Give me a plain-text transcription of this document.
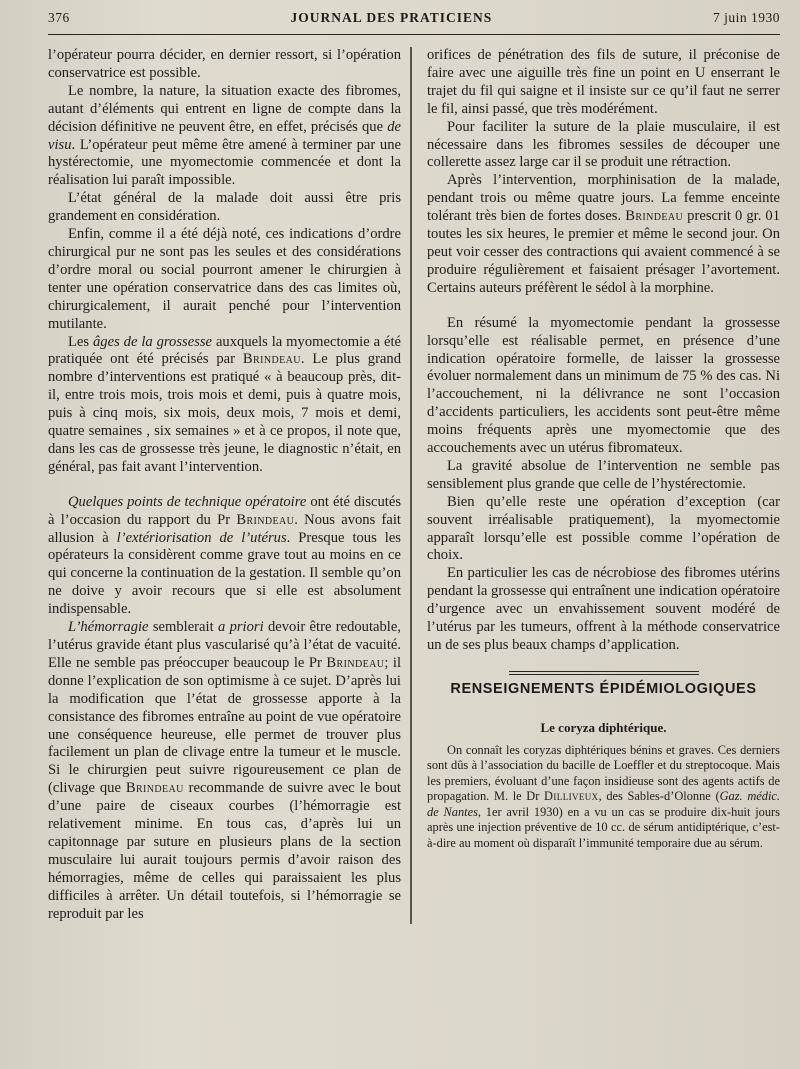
376	JOURNAL DES PRATICIENS	7 juin 1930

l’opérateur pourra décider, en dernier ressort, si l’opération conservatrice est possible.

Le nombre, la nature, la situation exacte des fibromes, autant d’éléments qui entrent en ligne de compte dans la décision définitive ne peuvent être, en effet, précisés que de visu. L’opérateur peut même être amené à terminer par une hystérectomie, une myomectomie commencée et dont la réalisation lui paraît impossible.

L’état général de la malade doit aussi être pris grandement en considération.

Enfin, comme il a été déjà noté, ces indications d’ordre chirurgical pur ne sont pas les seules et des considérations d’ordre moral ou social pourront amener le chirurgien à tenter une opération conservatrice dans des cas limites où, chirurgicalement, il aurait penché pour l’intervention mutilante.

Les âges de la grossesse auxquels la myomectomie a été pratiquée ont été précisés par Brindeau. Le plus grand nombre d’interventions est pratiqué « à beaucoup près, dit-il, entre trois mois, trois mois et demi, puis à quatre mois, puis à cinq mois, six mois, deux mois, 7 mois et demi, quatre semaines , six semaines » et à ce propos, il note que, dans les cas de grossesse très jeune, le diagnostic n’était, en général, pas fait avant l’intervention.

Quelques points de technique opératoire ont été discutés à l’occasion du rapport du Pr Brindeau. Nous avons fait allusion à l’extériorisation de l’utérus. Presque tous les opérateurs la considèrent comme grave tout au moins en ce qui concerne la continuation de la gestation. Il semble qu’on ne doive y avoir recours que si elle est absolument indispensable.

L’hémorragie semblerait a priori devoir être redoutable, l’utérus gravide étant plus vascularisé qu’à l’état de vacuité. Elle ne semble pas préoccuper beaucoup le Pr Brindeau; il donne l’explication de son optimisme à ce sujet. D’après lui la modification que l’état de grossesse apporte à la consistance des fibromes entraîne au point de vue opératoire une conséquence heureuse, elle permet de trouver plus facilement un plan de clivage entre la tumeur et le muscle. Si le chirurgien peut suivre rigoureusement ce plan de (clivage que Brindeau recommande de suivre avec le bout d’une paire de ciseaux courbes (l’hémorragie est relativement minime. En tous cas, d’après lui un capitonnage par suture en plusieurs plans de la section musculaire lui aurait toujours permis d’avoir raison des hémorragies, même de celles qui paraissaient les plus difficiles à arrêter. Un détail toutefois, si l’hémorragie se reproduit par les

orifices de pénétration des fils de suture, il préconise de faire avec une aiguille très fine un point en U enserrant le trajet du fil qui saigne et il insiste sur ce qu’il faut ne serrer le fil, ainsi passé, que très modérément.

Pour faciliter la suture de la plaie musculaire, il est nécessaire dans les fibromes sessiles de découper une collerette assez large car il se produit une rétraction.

Après l’intervention, morphinisation de la malade, pendant trois ou même quatre jours. La femme enceinte tolérant très bien de fortes doses. Brindeau prescrit 0 gr. 01 toutes les six heures, le premier et même le second jour. On peut voir cesser des contractions qui avaient commencé à se produire régulièrement et faisaient présager l’avortement. Certains auteurs préfèrent le sédol à la morphine.

En résumé la myomectomie pendant la grossesse lorsqu’elle est réalisable permet, en présence d’une indication opératoire formelle, de laisser la grossesse évoluer normalement dans un minimum de 75 % des cas. Ni l’accouchement, ni la délivrance ne sont l’occasion d’accidents particuliers, les accidents sont peut-être même moins fréquents après une myomectomie que des accouchements avec un utérus fibromateux.

La gravité absolue de l’intervention ne semble pas sensiblement plus grande que celle de l’hystérectomie.

Bien qu’elle reste une opération d’exception (car souvent irréalisable pratiquement), la myomectomie apparaît lorsqu’elle est possible comme l’opération de choix.

En particulier les cas de nécrobiose des fibromes utérins pendant la grossesse qui entraînent une indication opératoire d’urgence avec un envahissement souvent modéré de l’utérus par les tumeurs, offrent à la méthode conservatrice un de ses plus beaux champs d’application.

RENSEIGNEMENTS ÉPIDÉMIOLOGIQUES
Le coryza diphtérique.

On connaît les coryzas diphtériques bénins et graves. Ces derniers sont dûs à l’association du bacille de Loeffler et du streptocoque. Mais les premiers, évoluant d’une façon insidieuse sont des agents actifs de propagation. M. le Dr Dilliveux, des Sables-d’Olonne (Gaz. médic. de Nantes, 1er avril 1930) en a vu un cas se produire dix-huit jours après une injection préventive de 10 cc. de sérum antidiptérique, c’est-à-dire au moment où disparaît l’immunité temporaire due au sérum.
